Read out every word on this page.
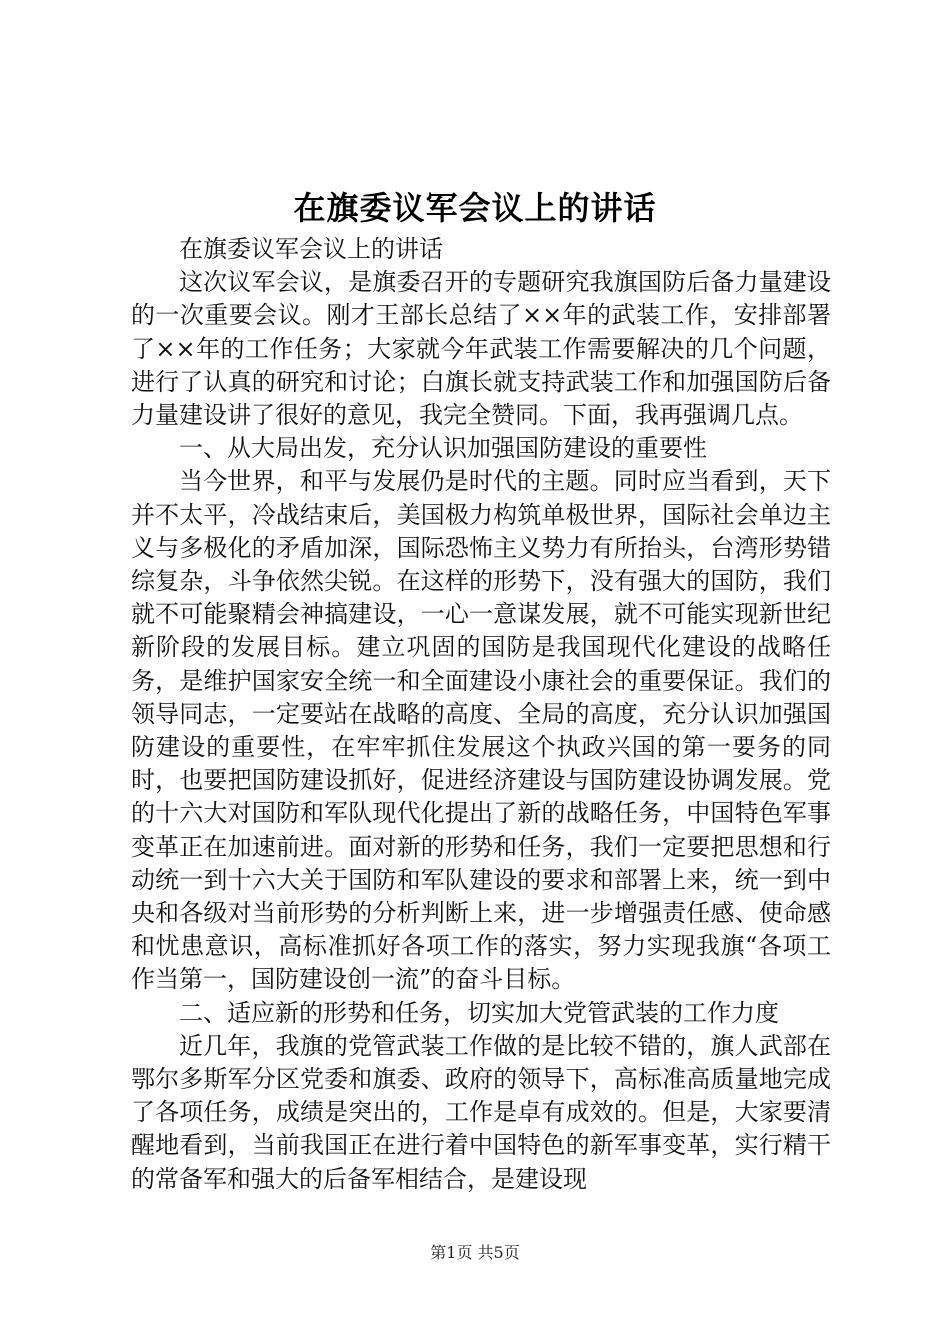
在旗委议军会议上的讲话

在旗委议军会议上的讲话

这次议军会议，是旗委召开的专题研究我旗国防后备力量建设的一次重要会议。刚才王部长总结了××年的武装工作，安排部署了××年的工作任务；大家就今年武装工作需要解决的几个问题，进行了认真的研究和讨论；白旗长就支持武装工作和加强国防后备力量建设讲了很好的意见，我完全赞同。下面，我再强调几点。

一、从大局出发，充分认识加强国防建设的重要性

当今世界，和平与发展仍是时代的主题。同时应当看到，天下并不太平，冷战结束后，美国极力构筑单极世界，国际社会单边主义与多极化的矛盾加深，国际恐怖主义势力有所抬头，台湾形势错综复杂，斗争依然尖锐。在这样的形势下，没有强大的国防，我们就不可能聚精会神搞建设，一心一意谋发展，就不可能实现新世纪新阶段的发展目标。建立巩固的国防是我国现代化建设的战略任务，是维护国家安全统一和全面建设小康社会的重要保证。我们的领导同志，一定要站在战略的高度、全局的高度，充分认识加强国防建设的重要性，在牢牢抓住发展这个执政兴国的第一要务的同时，也要把国防建设抓好，促进经济建设与国防建设协调发展。党的十六大对国防和军队现代化提出了新的战略任务，中国特色军事变革正在加速前进。面对新的形势和任务，我们一定要把思想和行动统一到十六大关于国防和军队建设的要求和部署上来，统一到中央和各级对当前形势的分析判断上来，进一步增强责任感、使命感和忧患意识，高标准抓好各项工作的落实，努力实现我旗“各项工作当第一，国防建设创一流”的奋斗目标。

二、适应新的形势和任务，切实加大党管武装的工作力度

近几年，我旗的党管武装工作做的是比较不错的，旗人武部在鄂尔多斯军分区党委和旗委、政府的领导下，高标准高质量地完成了各项任务，成绩是突出的，工作是卓有成效的。但是，大家要清醒地看到，当前我国正在进行着中国特色的新军事变革，实行精干的常备军和强大的后备军相结合，是建设现

第1页 共5页
